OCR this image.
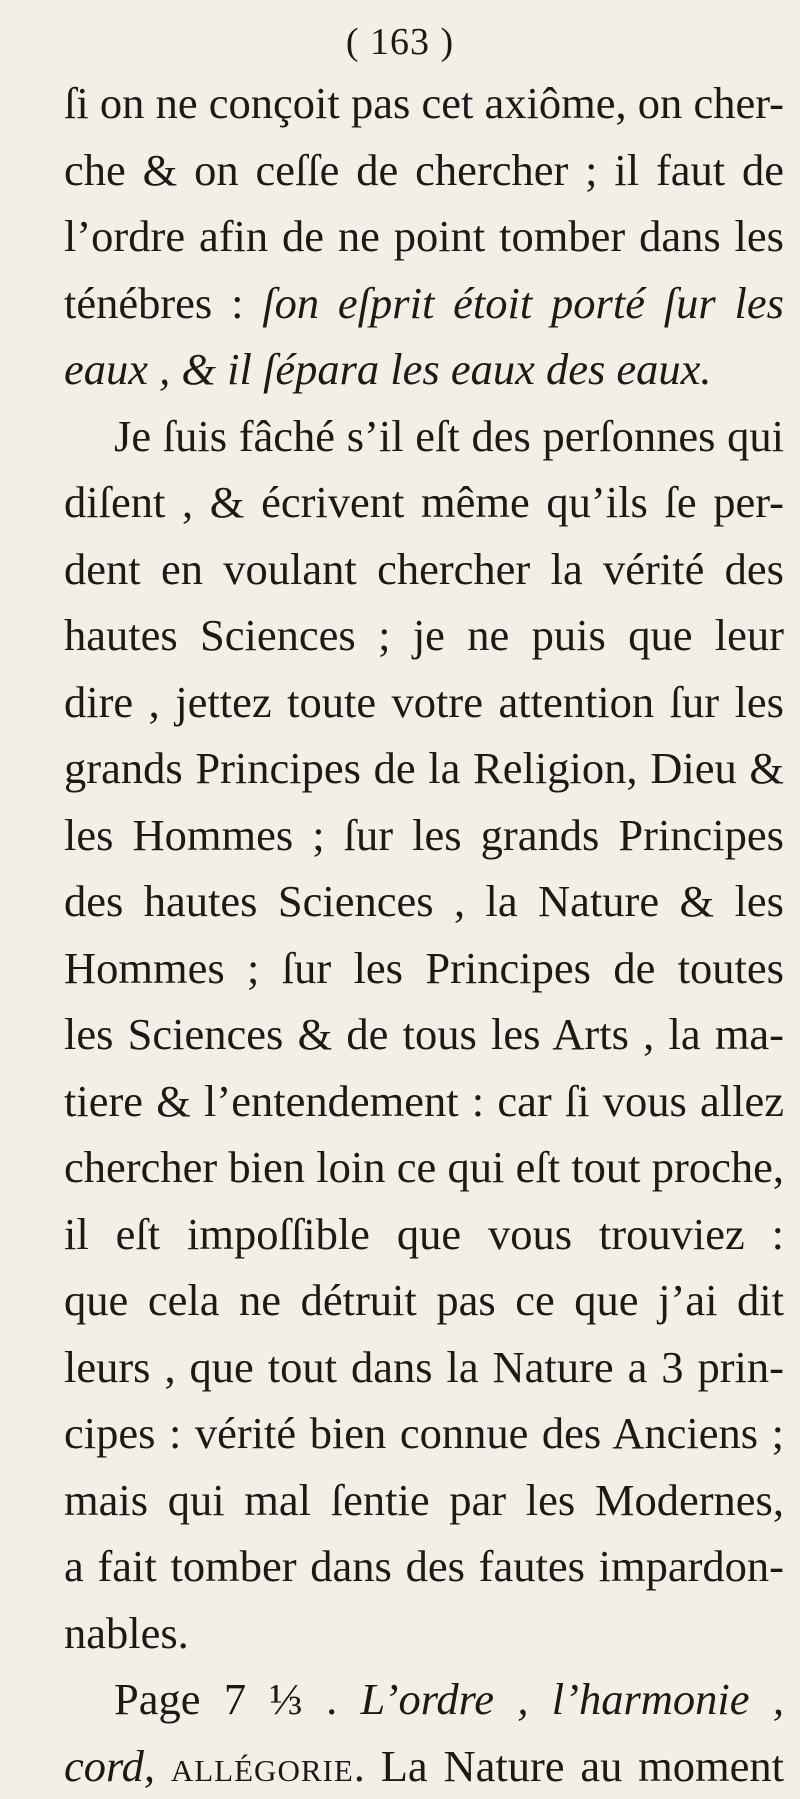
( 163 )
ſi on ne conçoit pas cet axiôme, on cher-
che & on ceſſe de chercher ; il faut de
l’ordre afin de ne point tomber dans les
ténébres : ſon eſprit étoit porté ſur les
eaux , & il ſépara les eaux des eaux.
Je ſuis fâché s’il eſt des perſonnes qui
diſent , & écrivent même qu’ils ſe per-
dent en voulant chercher la vérité des
hautes Sciences ; je ne puis que leur
dire , jettez toute votre attention ſur les
grands Principes de la Religion, Dieu &
les Hommes ; ſur les grands Principes
des hautes Sciences , la Nature & les
Hommes ; ſur les Principes de toutes
les Sciences & de tous les Arts , la ma-
tiere & l’entendement : car ſi vous allez
chercher bien loin ce qui eſt tout proche,
il eſt impoſſible que vous trouviez :
que cela ne détruit pas ce que j’ai dit
leurs , que tout dans la Nature a 3 prin-
cipes : vérité bien connue des Anciens ;
mais qui mal ſentie par les Modernes,
a fait tomber dans des fautes impardon-
nables.
Page 7 ⅓ . L’ordre , l’harmonie ,
cord, allégorie. La Nature au moment
